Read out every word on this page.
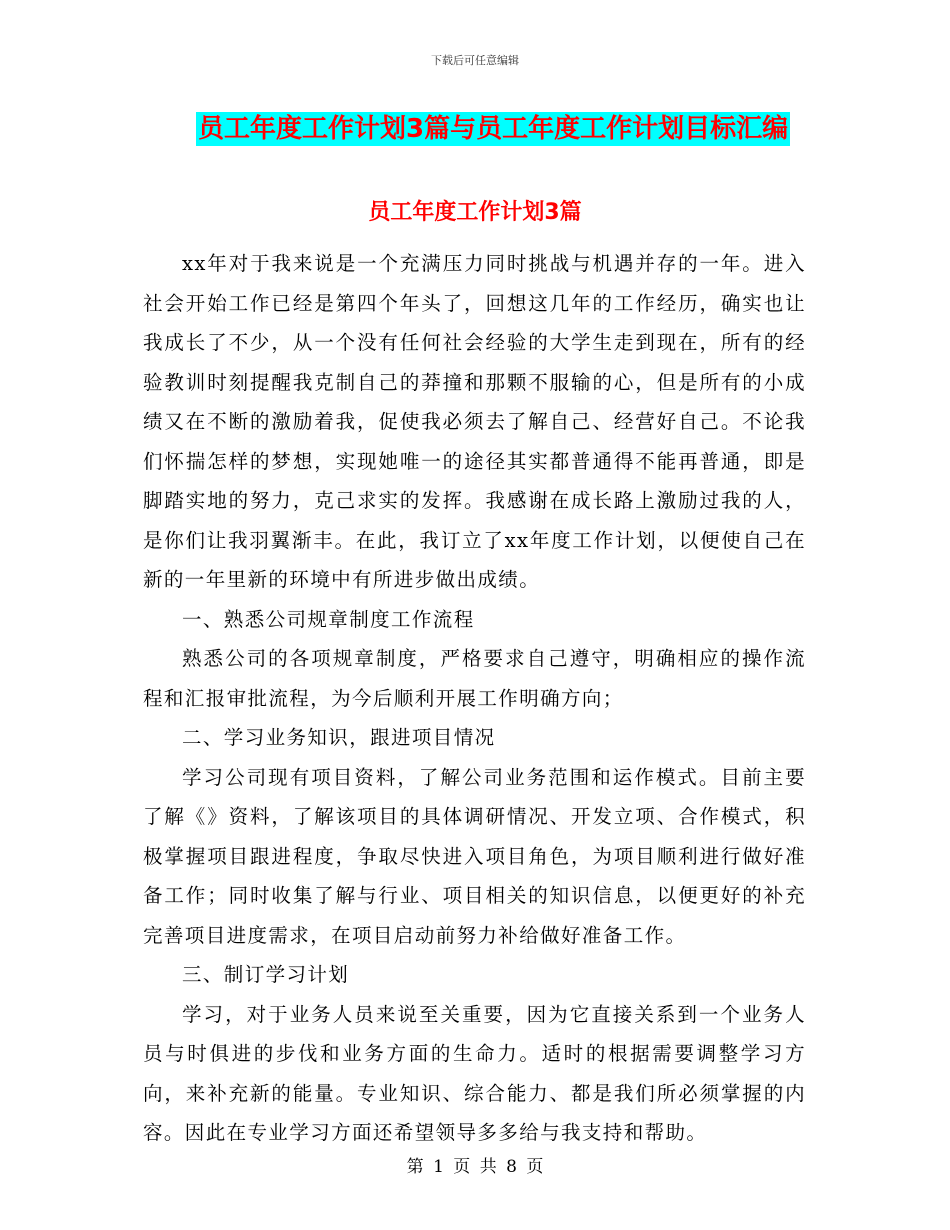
下载后可任意编辑
员工年度工作计划3篇与员工年度工作计划目标汇编
员工年度工作计划3篇

xx年对于我来说是一个充满压力同时挑战与机遇并存的一年。进入社会开始工作已经是第四个年头了，回想这几年的工作经历，确实也让我成长了不少，从一个没有任何社会经验的大学生走到现在，所有的经验教训时刻提醒我克制自己的莽撞和那颗不服输的心，但是所有的小成绩又在不断的激励着我，促使我必须去了解自己、经营好自己。不论我们怀揣怎样的梦想，实现她唯一的途径其实都普通得不能再普通，即是脚踏实地的努力，克己求实的发挥。我感谢在成长路上激励过我的人，是你们让我羽翼渐丰。在此，我订立了xx年度工作计划，以便使自己在新的一年里新的环境中有所进步做出成绩。

一、熟悉公司规章制度工作流程

熟悉公司的各项规章制度，严格要求自己遵守，明确相应的操作流程和汇报审批流程，为今后顺利开展工作明确方向；

二、学习业务知识，跟进项目情况

学习公司现有项目资料，了解公司业务范围和运作模式。目前主要了解《》资料，了解该项目的具体调研情况、开发立项、合作模式，积极掌握项目跟进程度，争取尽快进入项目角色，为项目顺利进行做好准备工作；同时收集了解与行业、项目相关的知识信息，以便更好的补充完善项目进度需求，在项目启动前努力补给做好准备工作。

三、制订学习计划

学习，对于业务人员来说至关重要，因为它直接关系到一个业务人员与时俱进的步伐和业务方面的生命力。适时的根据需要调整学习方向，来补充新的能量。专业知识、综合能力、都是我们所必须掌握的内容。因此在专业学习方面还希望领导多多给与我支持和帮助。

第 1 页 共 8 页
